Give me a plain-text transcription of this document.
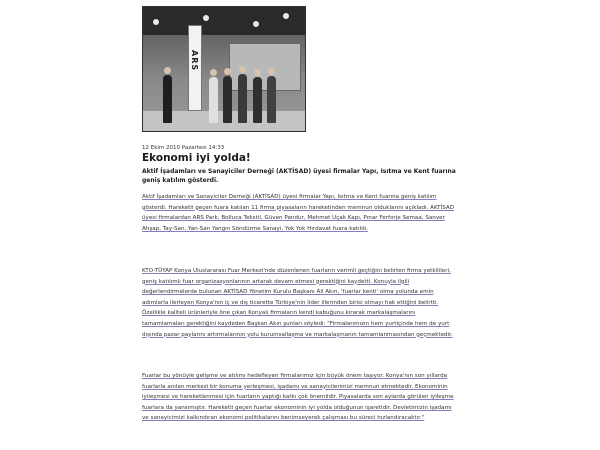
ARS
12 Ekim 2010 Pazartesi 14:33
Ekonomi iyi yolda!
Aktif İşadamları ve Sanayiciler Derneği (AKTİSAD) üyesi firmalar Yapı, Isıtma ve Kent fuarına geniş katılım gösterdi.

Aktif İşadamları ve Sanayiciler Derneği (AKTİSAD) üyesi firmalar Yapı, Isıtma ve Kent fuarına geniş katılım gösterdi. Hareketli geçen fuara katılan 11 firma piyasaların hareketinden memnun olduklarını açıkladı. AKTİSAD üyesi firmalardan ARS Park, Bolluca Tekstil, Güven Pandur, Mehmet Uçak Kapı, Pınar Ferforje Semaa, Sanver Ahşap, Tay-San, Yan-San Yangın Söndürme Sanayi, Yok Yok Hırdavat fuara katıldı.

KTO-TÜYAP Konya Uluslararası Fuar Merkezi'nde düzenlenen fuarların verimli geçtiğini belirten firma yetkilileri, geniş katılımlı fuar organizasyonlarının artarak devam etmesi gerektiğini kaydetti. Konuyla ilgili değerlendirmelerde bulunan AKTİSAD Yönetim Kurulu Başkanı Ali Akın, 'fuarlar kenti' olma yolunda emin adımlarla ilerleyen Konya'nın iç ve dış ticarette Türkiye'nin lider illerinden birisi olmayı hak ettiğini belirtti. Özellikle kaliteli ürünleriyle öne çıkan Konyalı firmaların kendi kabuğunu kırarak markalaşmalarını tamamlamaları gerektiğini kaydeden Başkan Akın şunları söyledi: "Firmalarımızın hem yurtiçinde hem de yurt dışında pazar paylarını artırmalarının yolu kurumsallaşma ve markalaşmanın tamamlanmasından geçmektedir.

Fuarlar bu yönüyle gelişme ve atılımı hedefleyen firmalarımız için büyük önem taşıyor. Konya'nın son yıllarda fuarlarla anılan merkezi bir konuma yerleşmesi, işadamı ve sanayicilerimizi memnun etmektedir. Ekonominin iyileşmesi ve hareketlenmesi için fuarların yaptığı katkı çok önemlidir. Piyasalarda son aylarda görülen iyileşme fuarlara da yansımıştır. Hareketli geçen fuarlar ekonominin iyi yolda olduğunun işaretidir. Devletimizin işadamı ve sanayicimizi kalkındıran ekonomi politikalarını benimseyerek çalışması bu süreci hızlandıracaktır."
